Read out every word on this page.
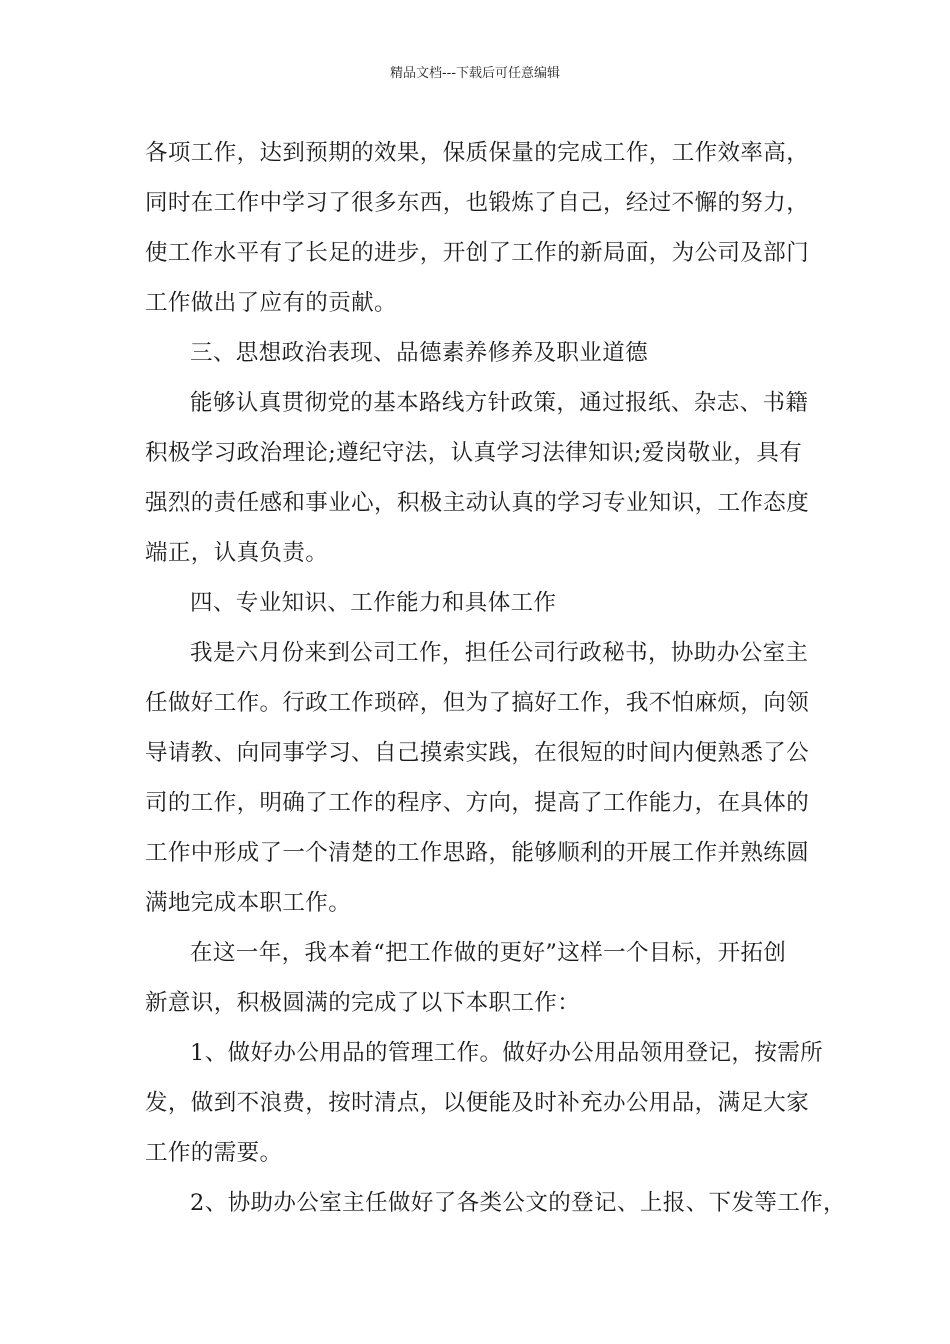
精品文档---下载后可任意编辑
各项工作，达到预期的效果，保质保量的完成工作，工作效率高，
同时在工作中学习了很多东西，也锻炼了自己，经过不懈的努力，
使工作水平有了长足的进步，开创了工作的新局面，为公司及部门
工作做出了应有的贡献。
三、思想政治表现、品德素养修养及职业道德
能够认真贯彻党的基本路线方针政策，通过报纸、杂志、书籍
积极学习政治理论;遵纪守法，认真学习法律知识;爱岗敬业，具有
强烈的责任感和事业心，积极主动认真的学习专业知识，工作态度
端正，认真负责。
四、专业知识、工作能力和具体工作
我是六月份来到公司工作，担任公司行政秘书，协助办公室主
任做好工作。行政工作琐碎，但为了搞好工作，我不怕麻烦，向领
导请教、向同事学习、自己摸索实践，在很短的时间内便熟悉了公
司的工作，明确了工作的程序、方向，提高了工作能力，在具体的
工作中形成了一个清楚的工作思路，能够顺利的开展工作并熟练圆
满地完成本职工作。
在这一年，我本着“把工作做的更好”这样一个目标，开拓创
新意识，积极圆满的完成了以下本职工作：
1、做好办公用品的管理工作。做好办公用品领用登记，按需所
发，做到不浪费，按时清点，以便能及时补充办公用品，满足大家
工作的需要。
2、协助办公室主任做好了各类公文的登记、上报、下发等工作，
